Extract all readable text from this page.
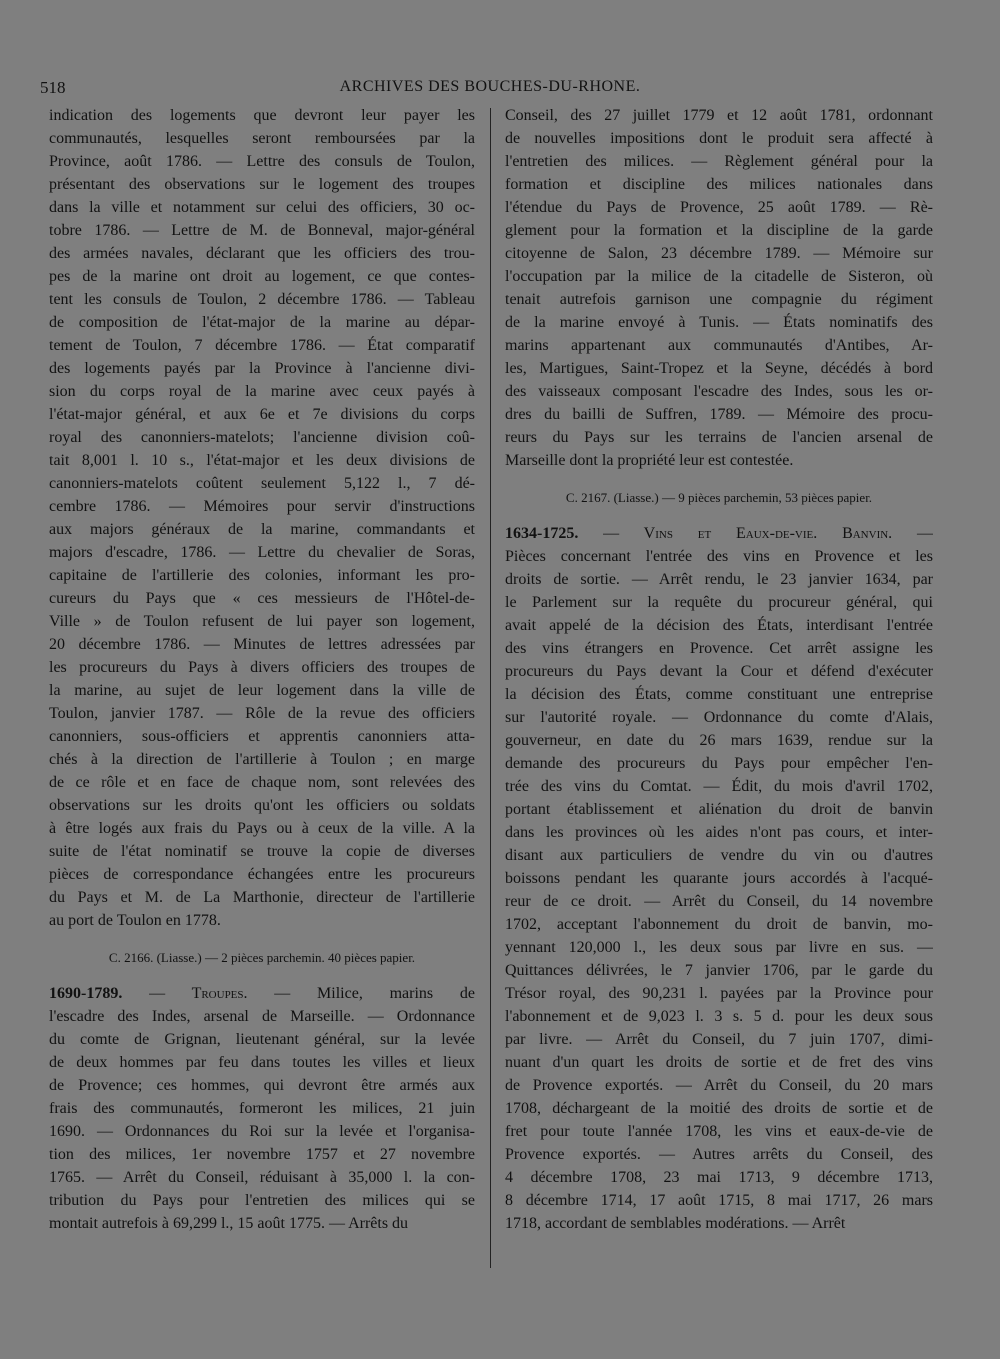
518	ARCHIVES DES BOUCHES-DU-RHONE.
indication des logements que devront leur payer les
communautés, lesquelles seront remboursées par la
Province, août 1786. — Lettre des consuls de Toulon,
présentant des observations sur le logement des troupes
dans la ville et notamment sur celui des officiers, 30 oc-
tobre 1786. — Lettre de M. de Bonneval, major-général
des armées navales, déclarant que les officiers des trou-
pes de la marine ont droit au logement, ce que contes-
tent les consuls de Toulon, 2 décembre 1786. — Tableau
de composition de l'état-major de la marine au dépar-
tement de Toulon, 7 décembre 1786. — État comparatif
des logements payés par la Province à l'ancienne divi-
sion du corps royal de la marine avec ceux payés à
l'état-major général, et aux 6e et 7e divisions du corps
royal des canonniers-matelots; l'ancienne division coû-
tait 8,001 l. 10 s., l'état-major et les deux divisions de
canonniers-matelots coûtent seulement 5,122 l., 7 dé-
cembre 1786. — Mémoires pour servir d'instructions
aux majors généraux de la marine, commandants et
majors d'escadre, 1786. — Lettre du chevalier de Soras,
capitaine de l'artillerie des colonies, informant les pro-
cureurs du Pays que « ces messieurs de l'Hôtel-de-
Ville » de Toulon refusent de lui payer son logement,
20 décembre 1786. — Minutes de lettres adressées par
les procureurs du Pays à divers officiers des troupes de
la marine, au sujet de leur logement dans la ville de
Toulon, janvier 1787. — Rôle de la revue des officiers
canonniers, sous-officiers et apprentis canonniers atta-
chés à la direction de l'artillerie à Toulon ; en marge
de ce rôle et en face de chaque nom, sont relevées des
observations sur les droits qu'ont les officiers ou soldats
à être logés aux frais du Pays ou à ceux de la ville. A la
suite de l'état nominatif se trouve la copie de diverses
pièces de correspondance échangées entre les procureurs
du Pays et M. de La Marthonie, directeur de l'artillerie
au port de Toulon en 1778.
C. 2166. (Liasse.) — 2 pièces parchemin. 40 pièces papier.
1690-1789. — Troupes. — Milice, marins de
l'escadre des Indes, arsenal de Marseille. — Ordonnance
du comte de Grignan, lieutenant général, sur la levée
de deux hommes par feu dans toutes les villes et lieux
de Provence; ces hommes, qui devront être armés aux
frais des communautés, formeront les milices, 21 juin
1690. — Ordonnances du Roi sur la levée et l'organisa-
tion des milices, 1er novembre 1757 et 27 novembre
1765. — Arrêt du Conseil, réduisant à 35,000 l. la con-
tribution du Pays pour l'entretien des milices qui se
montait autrefois à 69,299 l., 15 août 1775. — Arrêts du
Conseil, des 27 juillet 1779 et 12 août 1781, ordonnant
de nouvelles impositions dont le produit sera affecté à
l'entretien des milices. — Règlement général pour la
formation et discipline des milices nationales dans
l'étendue du Pays de Provence, 25 août 1789. — Rè-
glement pour la formation et la discipline de la garde
citoyenne de Salon, 23 décembre 1789. — Mémoire sur
l'occupation par la milice de la citadelle de Sisteron, où
tenait autrefois garnison une compagnie du régiment
de la marine envoyé à Tunis. — États nominatifs des
marins appartenant aux communautés d'Antibes, Ar-
les, Martigues, Saint-Tropez et la Seyne, décédés à bord
des vaisseaux composant l'escadre des Indes, sous les or-
dres du bailli de Suffren, 1789. — Mémoire des procu-
reurs du Pays sur les terrains de l'ancien arsenal de
Marseille dont la propriété leur est contestée.
C. 2167. (Liasse.) — 9 pièces parchemin, 53 pièces papier.
1634-1725. — Vins et Eaux-de-vie. Banvin. —
Pièces concernant l'entrée des vins en Provence et les
droits de sortie. — Arrêt rendu, le 23 janvier 1634, par
le Parlement sur la requête du procureur général, qui
avait appelé de la décision des États, interdisant l'entrée
des vins étrangers en Provence. Cet arrêt assigne les
procureurs du Pays devant la Cour et défend d'exécuter
la décision des États, comme constituant une entreprise
sur l'autorité royale. — Ordonnance du comte d'Alais,
gouverneur, en date du 26 mars 1639, rendue sur la
demande des procureurs du Pays pour empêcher l'en-
trée des vins du Comtat. — Édit, du mois d'avril 1702,
portant établissement et aliénation du droit de banvin
dans les provinces où les aides n'ont pas cours, et inter-
disant aux particuliers de vendre du vin ou d'autres
boissons pendant les quarante jours accordés à l'acqué-
reur de ce droit. — Arrêt du Conseil, du 14 novembre
1702, acceptant l'abonnement du droit de banvin, mo-
yennant 120,000 l., les deux sous par livre en sus. —
Quittances délivrées, le 7 janvier 1706, par le garde du
Trésor royal, des 90,231 l. payées par la Province pour
l'abonnement et de 9,023 l. 3 s. 5 d. pour les deux sous
par livre. — Arrêt du Conseil, du 7 juin 1707, dimi-
nuant d'un quart les droits de sortie et de fret des vins
de Provence exportés. — Arrêt du Conseil, du 20 mars
1708, déchargeant de la moitié des droits de sortie et de
fret pour toute l'année 1708, les vins et eaux-de-vie de
Provence exportés. — Autres arrêts du Conseil, des
4 décembre 1708, 23 mai 1713, 9 décembre 1713,
8 décembre 1714, 17 août 1715, 8 mai 1717, 26 mars
1718, accordant de semblables modérations. — Arrêt
